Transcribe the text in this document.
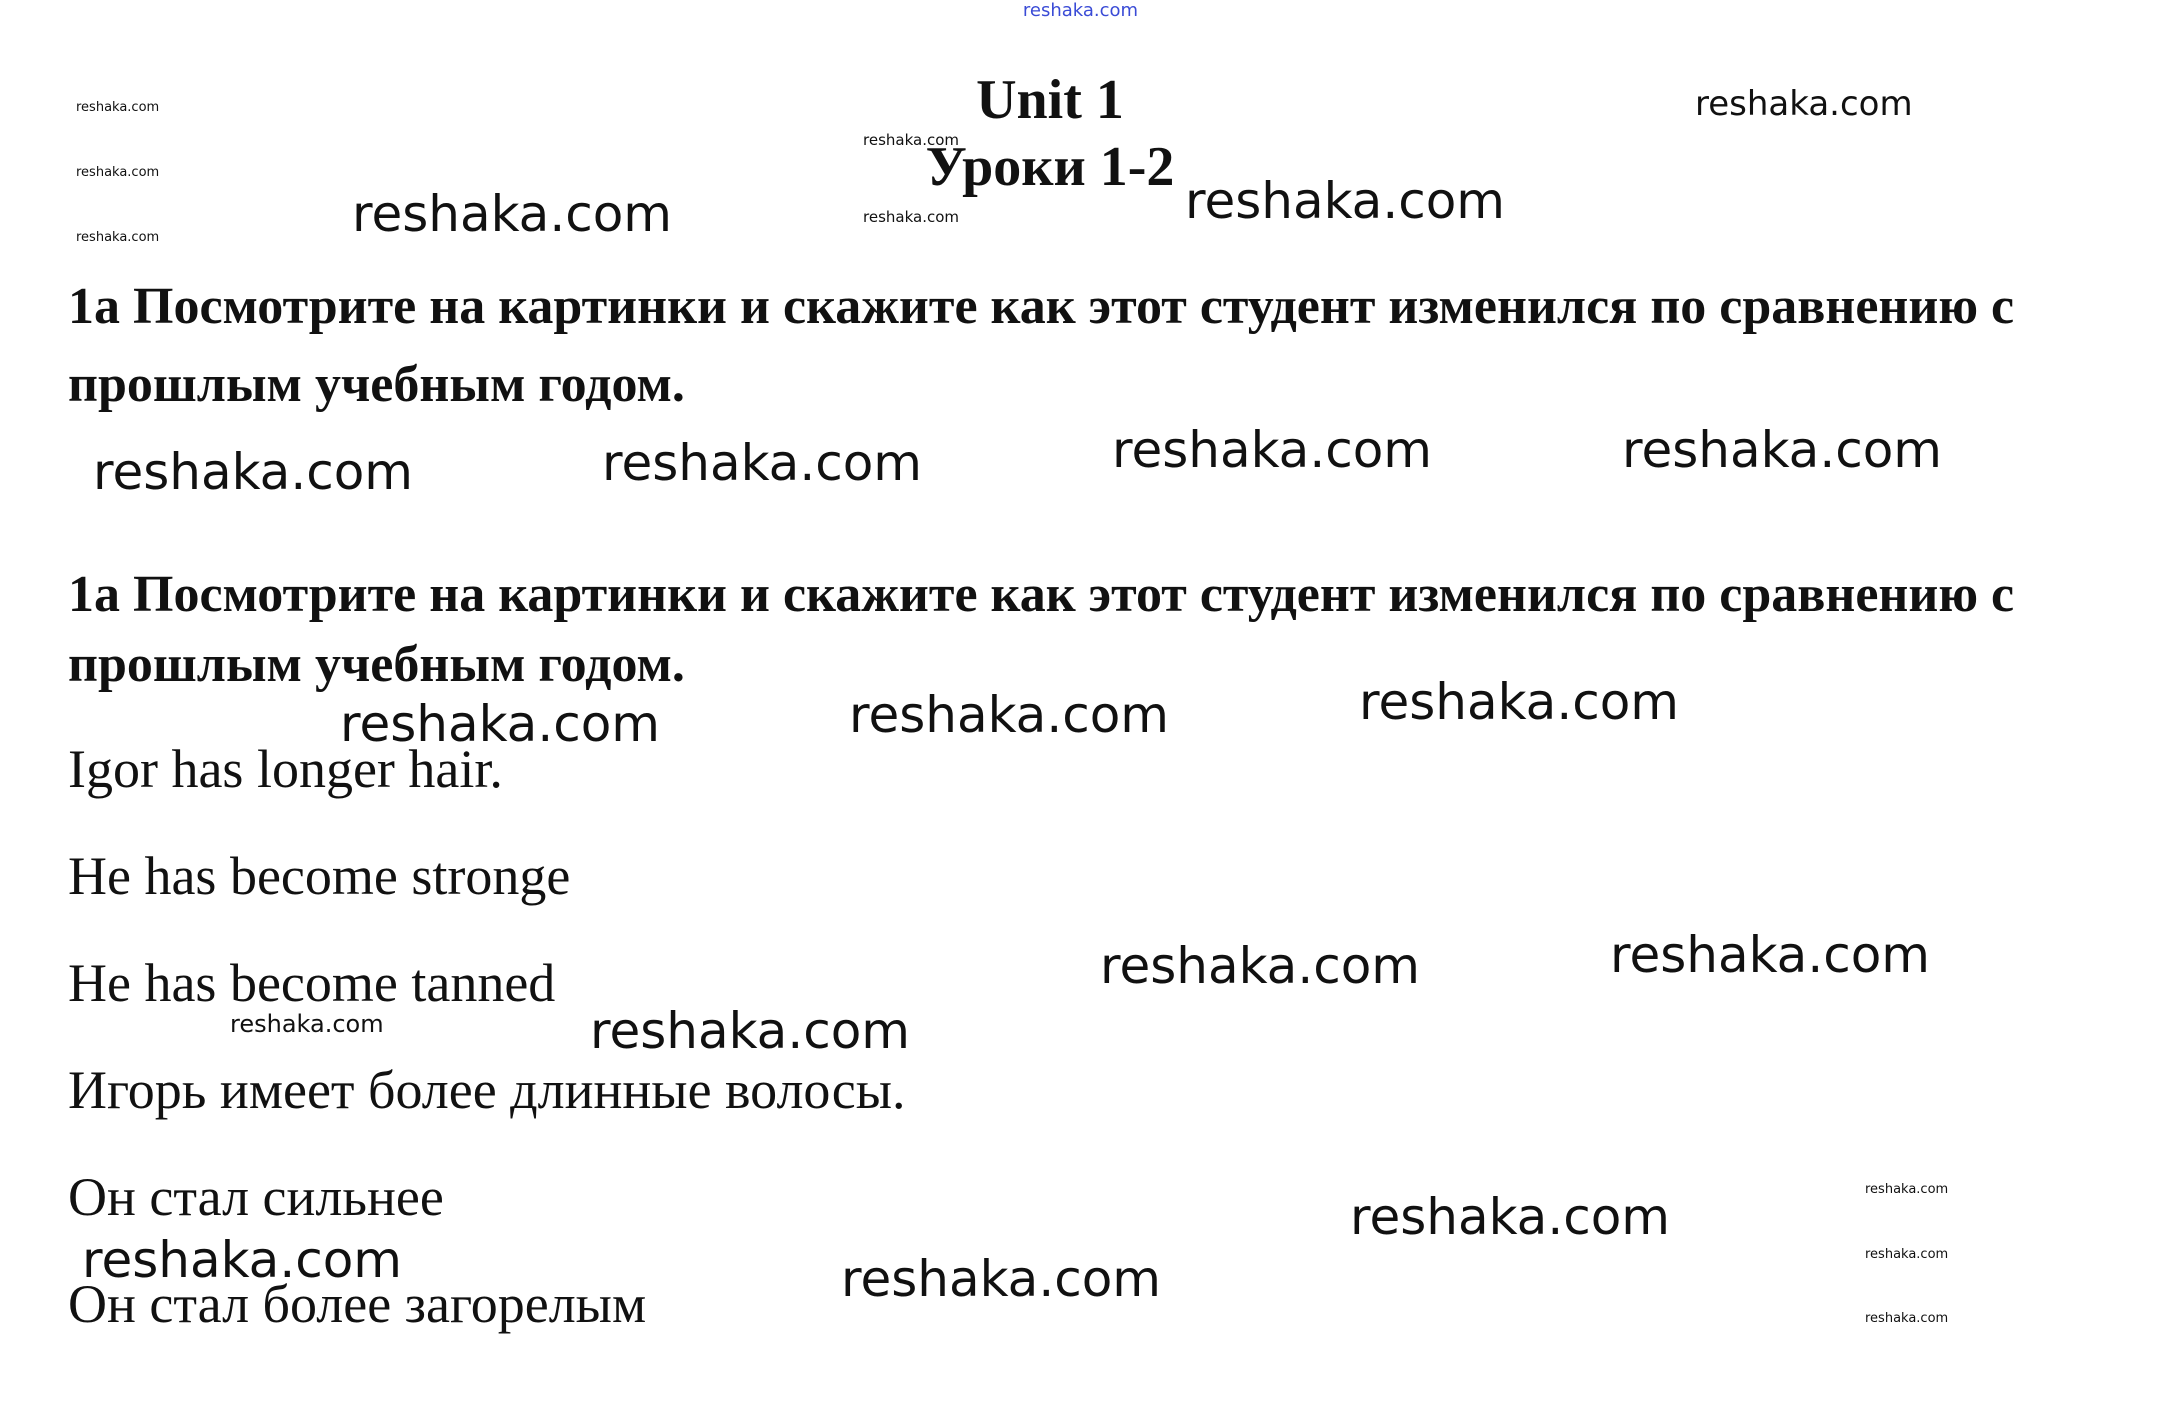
reshaka.com
Unit 1
Уроки 1-2
1а Посмотрите на картинки и скажите как этот студент изменился по сравнению с прошлым учебным годом.
1а Посмотрите на картинки и скажите как этот студент изменился по сравнению с прошлым учебным годом.
Igor has longer hair.
He has become stronge
He has become tanned
Игорь имеет более длинные волосы.
Он стал сильнее
Он стал более загорелым
reshaka.com
reshaka.com
reshaka.com
reshaka.com
reshaka.com
reshaka.com
reshaka.com
reshaka.com
reshaka.com
reshaka.com
reshaka.com	reshaka.com
reshaka.com	reshaka.com	reshaka.com	reshaka.com
reshaka.com	reshaka.com	reshaka.com
reshaka.com	reshaka.com
reshaka.com
reshaka.com
reshaka.com	reshaka.com
